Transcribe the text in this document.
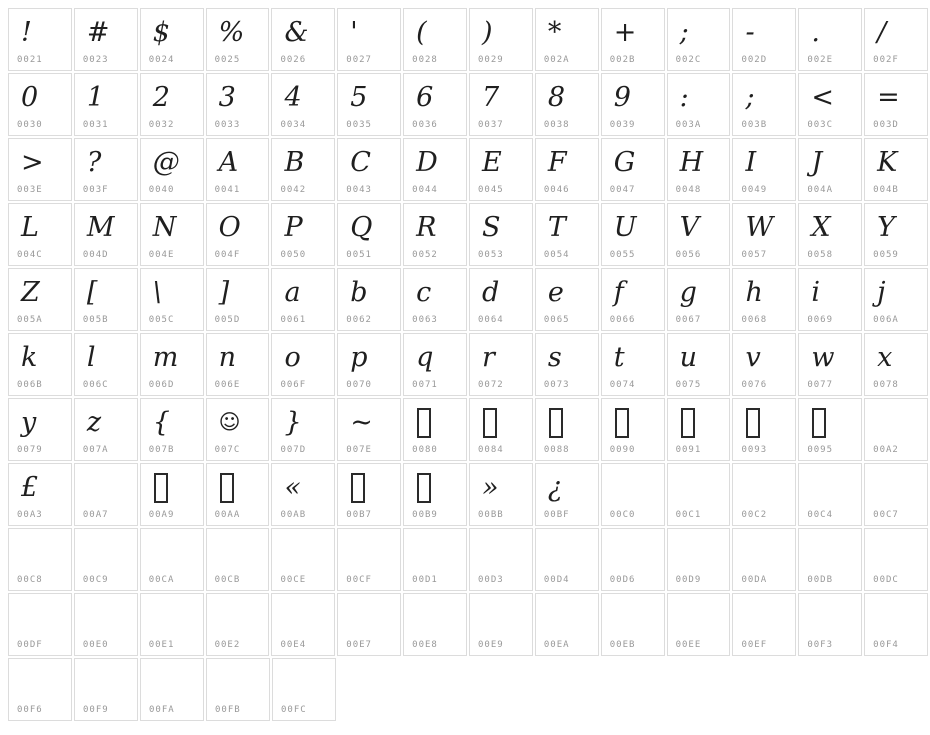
!
0021
#
0023
$
0024
%
0025
&
0026
'
0027
(
0028
)
0029
*
002A
+
002B
;
002C
-
002D
.
002E
/
002F
0
0030
1
0031
2
0032
3
0033
4
0034
5
0035
6
0036
7
0037
8
0038
9
0039
:
003A
;
003B
<
003C
=
003D
>
003E
?
003F
@
0040
A
0041
B
0042
C
0043
D
0044
E
0045
F
0046
G
0047
H
0048
I
0049
J
004A
K
004B
L
004C
M
004D
N
004E
O
004F
P
0050
Q
0051
R
0052
S
0053
T
0054
U
0055
V
0056
W
0057
X
0058
Y
0059
Z
005A
[
005B
\
005C
]
005D
a
0061
b
0062
c
0063
d
0064
e
0065
f
0066
g
0067
h
0068
i
0069
j
006A
k
006B
l
006C
m
006D
n
006E
o
006F
p
0070
q
0071
r
0072
s
0073
t
0074
u
0075
v
0076
w
0077
x
0078
y
0079
z
007A
{
007B
☺
007C
}
007D
~
007E	0080	0084	0088	0090	0091	0093	0095	00A2
£
00A3	00A7	00A9	00AA
«
00AB	00B7	00B9
»
00BB
¿
00BF	00C0	00C1	00C2	00C4	00C7
00C8	00C9	00CA	00CB	00CE	00CF	00D1	00D3	00D4	00D6	00D9	00DA	00DB	00DC
00DF	00E0	00E1	00E2	00E4	00E7	00E8	00E9	00EA	00EB	00EE	00EF	00F3	00F4
00F6	00F9	00FA	00FB	00FC
